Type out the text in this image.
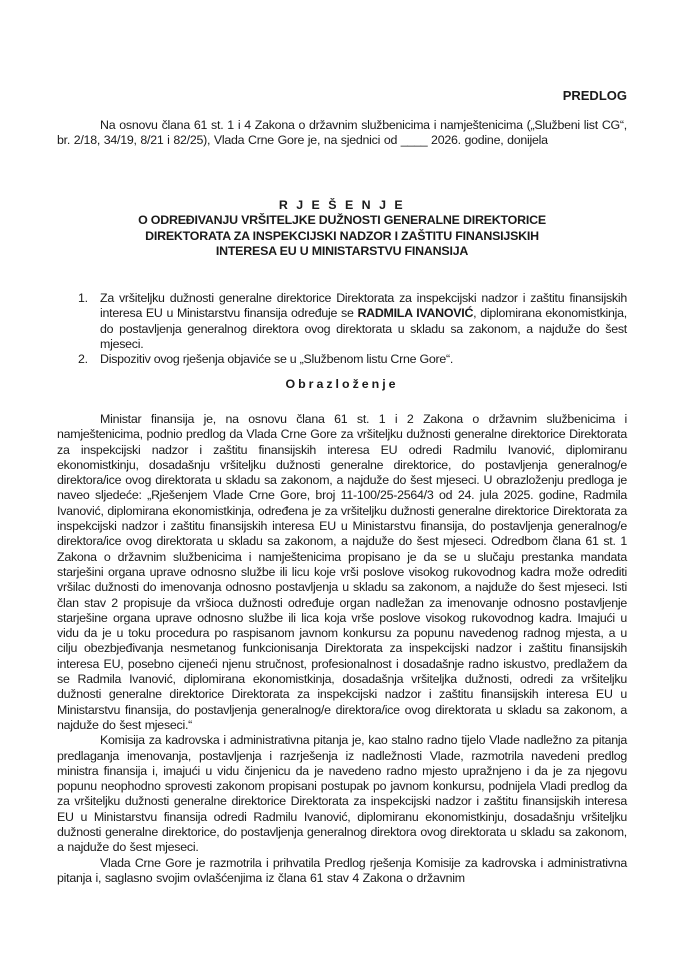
PREDLOG

Na osnovu člana 61 st. 1 i 4 Zakona o državnim službenicima i namještenicima („Službeni list CG“, br. 2/18, 34/19, 8/21 i 82/25), Vlada Crne Gore je, na sjednici od ____ 2026. godine, donijela

R J E Š E N J E
O ODREĐIVANJU VRŠITELJKE DUŽNOSTI GENERALNE DIREKTORICE
DIREKTORATA ZA INSPEKCIJSKI NADZOR I ZAŠTITU FINANSIJSKIH
INTERESA EU U MINISTARSTVU FINANSIJA
1. Za vršiteljku dužnosti generalne direktorice Direktorata za inspekcijski nadzor i zaštitu finansijskih interesa EU u Ministarstvu finansija određuje se RADMILA IVANOVIĆ, diplomirana ekonomistkinja, do postavljenja generalnog direktora ovog direktorata u skladu sa zakonom, a najduže do šest mjeseci.
2. Dispozitiv ovog rješenja objaviće se u „Službenom listu Crne Gore“.
Obrazloženje

Ministar finansija je, na osnovu člana 61 st. 1 i 2 Zakona o državnim službenicima i namještenicima, podnio predlog da Vlada Crne Gore za vršiteljku dužnosti generalne direktorice Direktorata za inspekcijski nadzor i zaštitu finansijskih interesa EU odredi Radmilu Ivanović, diplomiranu ekonomistkinju, dosadašnju vršiteljku dužnosti generalne direktorice, do postavljenja generalnog/e direktora/ice ovog direktorata u skladu sa zakonom, a najduže do šest mjeseci. U obrazloženju predloga je naveo sljedeće: „Rješenjem Vlade Crne Gore, broj 11-100/25-2564/3 od 24. jula 2025. godine, Radmila Ivanović, diplomirana ekonomistkinja, određena je za vršiteljku dužnosti generalne direktorice Direktorata za inspekcijski nadzor i zaštitu finansijskih interesa EU u Ministarstvu finansija, do postavljenja generalnog/e direktora/ice ovog direktorata u skladu sa zakonom, a najduže do šest mjeseci. Odredbom člana 61 st. 1 Zakona o državnim službenicima i namještenicima propisano je da se u slučaju prestanka mandata starješini organa uprave odnosno službe ili licu koje vrši poslove visokog rukovodnog kadra može odrediti vršilac dužnosti do imenovanja odnosno postavljenja u skladu sa zakonom, a najduže do šest mjeseci. Isti član stav 2 propisuje da vršioca dužnosti određuje organ nadležan za imenovanje odnosno postavljenje starješine organa uprave odnosno službe ili lica koja vrše poslove visokog rukovodnog kadra. Imajući u vidu da je u toku procedura po raspisanom javnom konkursu za popunu navedenog radnog mjesta, a u cilju obezbjeđivanja nesmetanog funkcionisanja Direktorata za inspekcijski nadzor i zaštitu finansijskih interesa EU, posebno cijeneći njenu stručnost, profesionalnost i dosadašnje radno iskustvo, predlažem da se Radmila Ivanović, diplomirana ekonomistkinja, dosadašnja vršiteljka dužnosti, odredi za vršiteljku dužnosti generalne direktorice Direktorata za inspekcijski nadzor i zaštitu finansijskih interesa EU u Ministarstvu finansija, do postavljenja generalnog/e direktora/ice ovog direktorata u skladu sa zakonom, a najduže do šest mjeseci.“

Komisija za kadrovska i administrativna pitanja je, kao stalno radno tijelo Vlade nadležno za pitanja predlaganja imenovanja, postavljenja i razrješenja iz nadležnosti Vlade, razmotrila navedeni predlog ministra finansija i, imajući u vidu činjenicu da je navedeno radno mjesto upražnjeno i da je za njegovu popunu neophodno sprovesti zakonom propisani postupak po javnom konkursu, podnijela Vladi predlog da za vršiteljku dužnosti generalne direktorice Direktorata za inspekcijski nadzor i zaštitu finansijskih interesa EU u Ministarstvu finansija odredi Radmilu Ivanović, diplomiranu ekonomistkinju, dosadašnju vršiteljku dužnosti generalne direktorice, do postavljenja generalnog direktora ovog direktorata u skladu sa zakonom, a najduže do šest mjeseci.

Vlada Crne Gore je razmotrila i prihvatila Predlog rješenja Komisije za kadrovska i administrativna pitanja i, saglasno svojim ovlašćenjima iz člana 61 stav 4 Zakona o državnim
